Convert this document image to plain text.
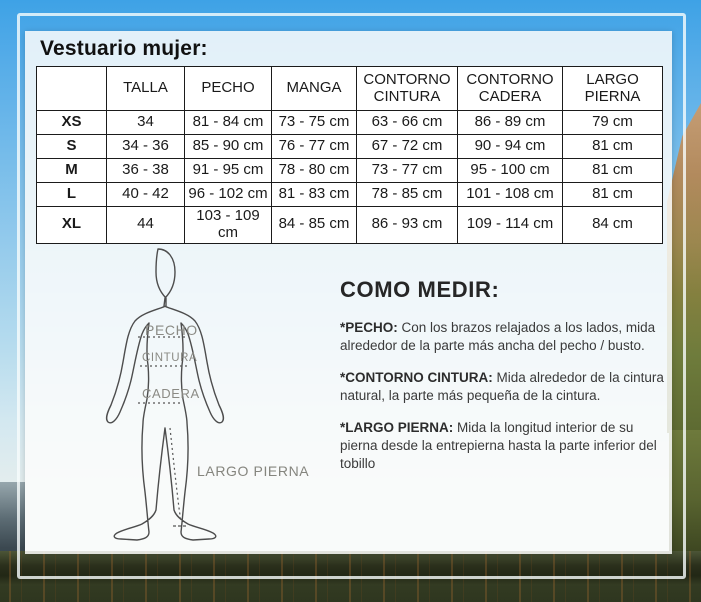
Vestuario mujer:
	TALLA	PECHO	MANGA	CONTORNO CINTURA	CONTORNO CADERA	LARGO PIERNA
XS	34	81 - 84 cm	73 - 75 cm	63 - 66 cm	86 - 89 cm	79 cm
S	34 - 36	85 - 90 cm	76 - 77 cm	67 - 72 cm	90 - 94 cm	81 cm
M	36 - 38	91 - 95 cm	78 - 80 cm	73 - 77 cm	95 - 100 cm	81 cm
L	40 - 42	96 - 102 cm	81 - 83 cm	78 - 85 cm	101 - 108 cm	81 cm
XL	44	103 - 109 cm	84 - 85 cm	86 - 93 cm	109 - 114 cm	84 cm
PECHO
CINTURA
CADERA
LARGO PIERNA
COMO MEDIR:

*PECHO: Con los brazos relajados a los lados, mida alrededor de la parte más ancha del pecho / busto.

*CONTORNO CINTURA: Mida alrededor de la cintura natural, la parte más pequeña de la cintura.

*LARGO PIERNA: Mida la longitud interior de su pierna desde la entrepierna hasta la parte inferior del tobillo
